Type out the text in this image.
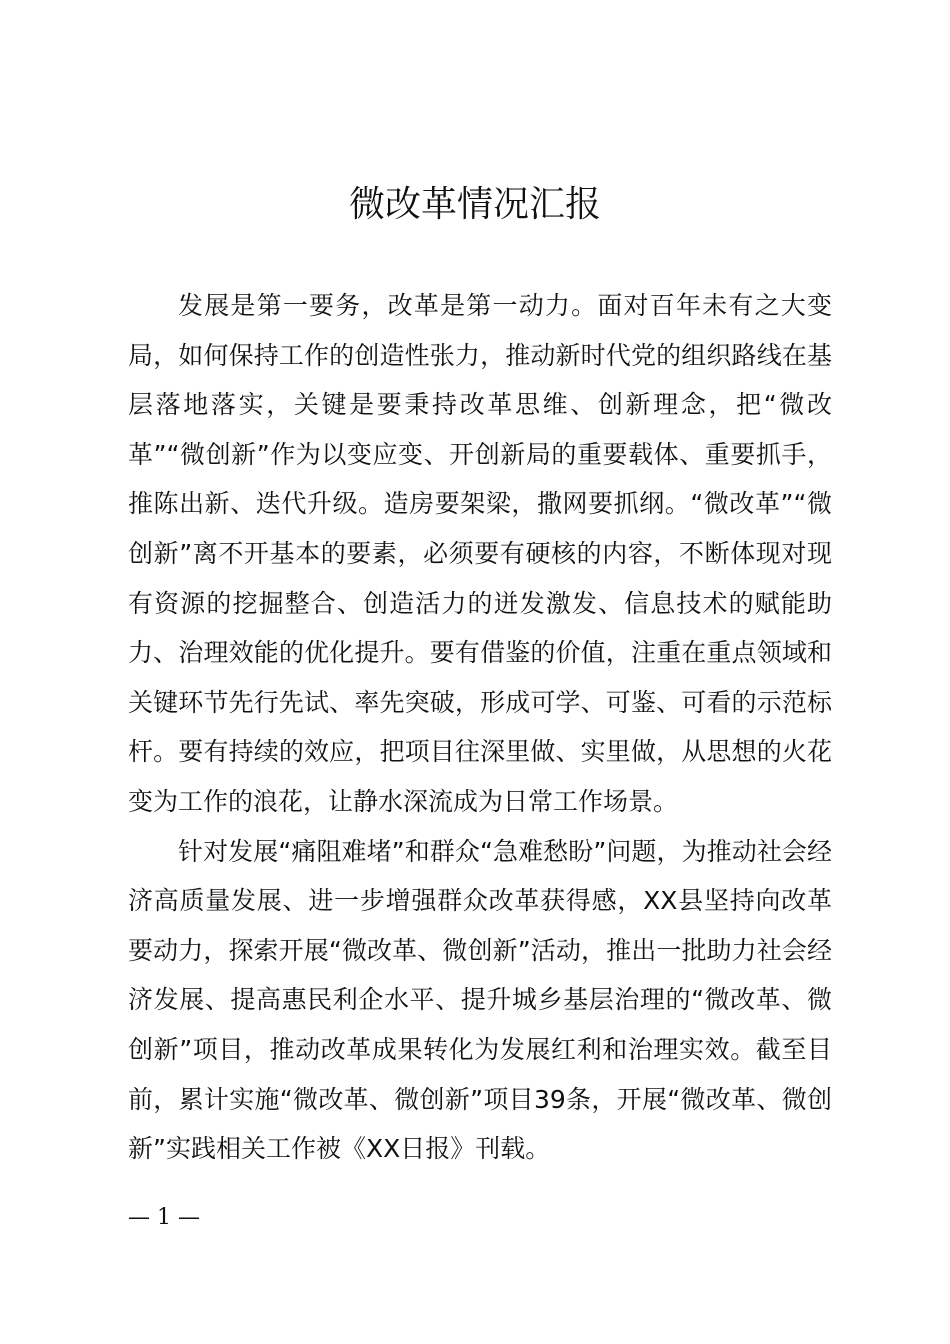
微改革情况汇报

发展是第一要务，改革是第一动力。面对百年未有之大变局，如何保持工作的创造性张力，推动新时代党的组织路线在基层落地落实，关键是要秉持改革思维、创新理念，把“微改革”“微创新”作为以变应变、开创新局的重要载体、重要抓手，推陈出新、迭代升级。造房要架梁，撒网要抓纲。“微改革”“微创新”离不开基本的要素，必须要有硬核的内容，不断体现对现有资源的挖掘整合、创造活力的迸发激发、信息技术的赋能助力、治理效能的优化提升。要有借鉴的价值，注重在重点领域和关键环节先行先试、率先突破，形成可学、可鉴、可看的示范标杆。要有持续的效应，把项目往深里做、实里做，从思想的火花变为工作的浪花，让静水深流成为日常工作场景。

针对发展“痛阻难堵”和群众“急难愁盼”问题，为推动社会经济高质量发展、进一步增强群众改革获得感，XX县坚持向改革要动力，探索开展“微改革、微创新”活动，推出一批助力社会经济发展、提高惠民利企水平、提升城乡基层治理的“微改革、微创新”项目，推动改革成果转化为发展红利和治理实效。截至目前，累计实施“微改革、微创新”项目39条，开展“微改革、微创新”实践相关工作被《XX日报》刊载。

— 1 —
